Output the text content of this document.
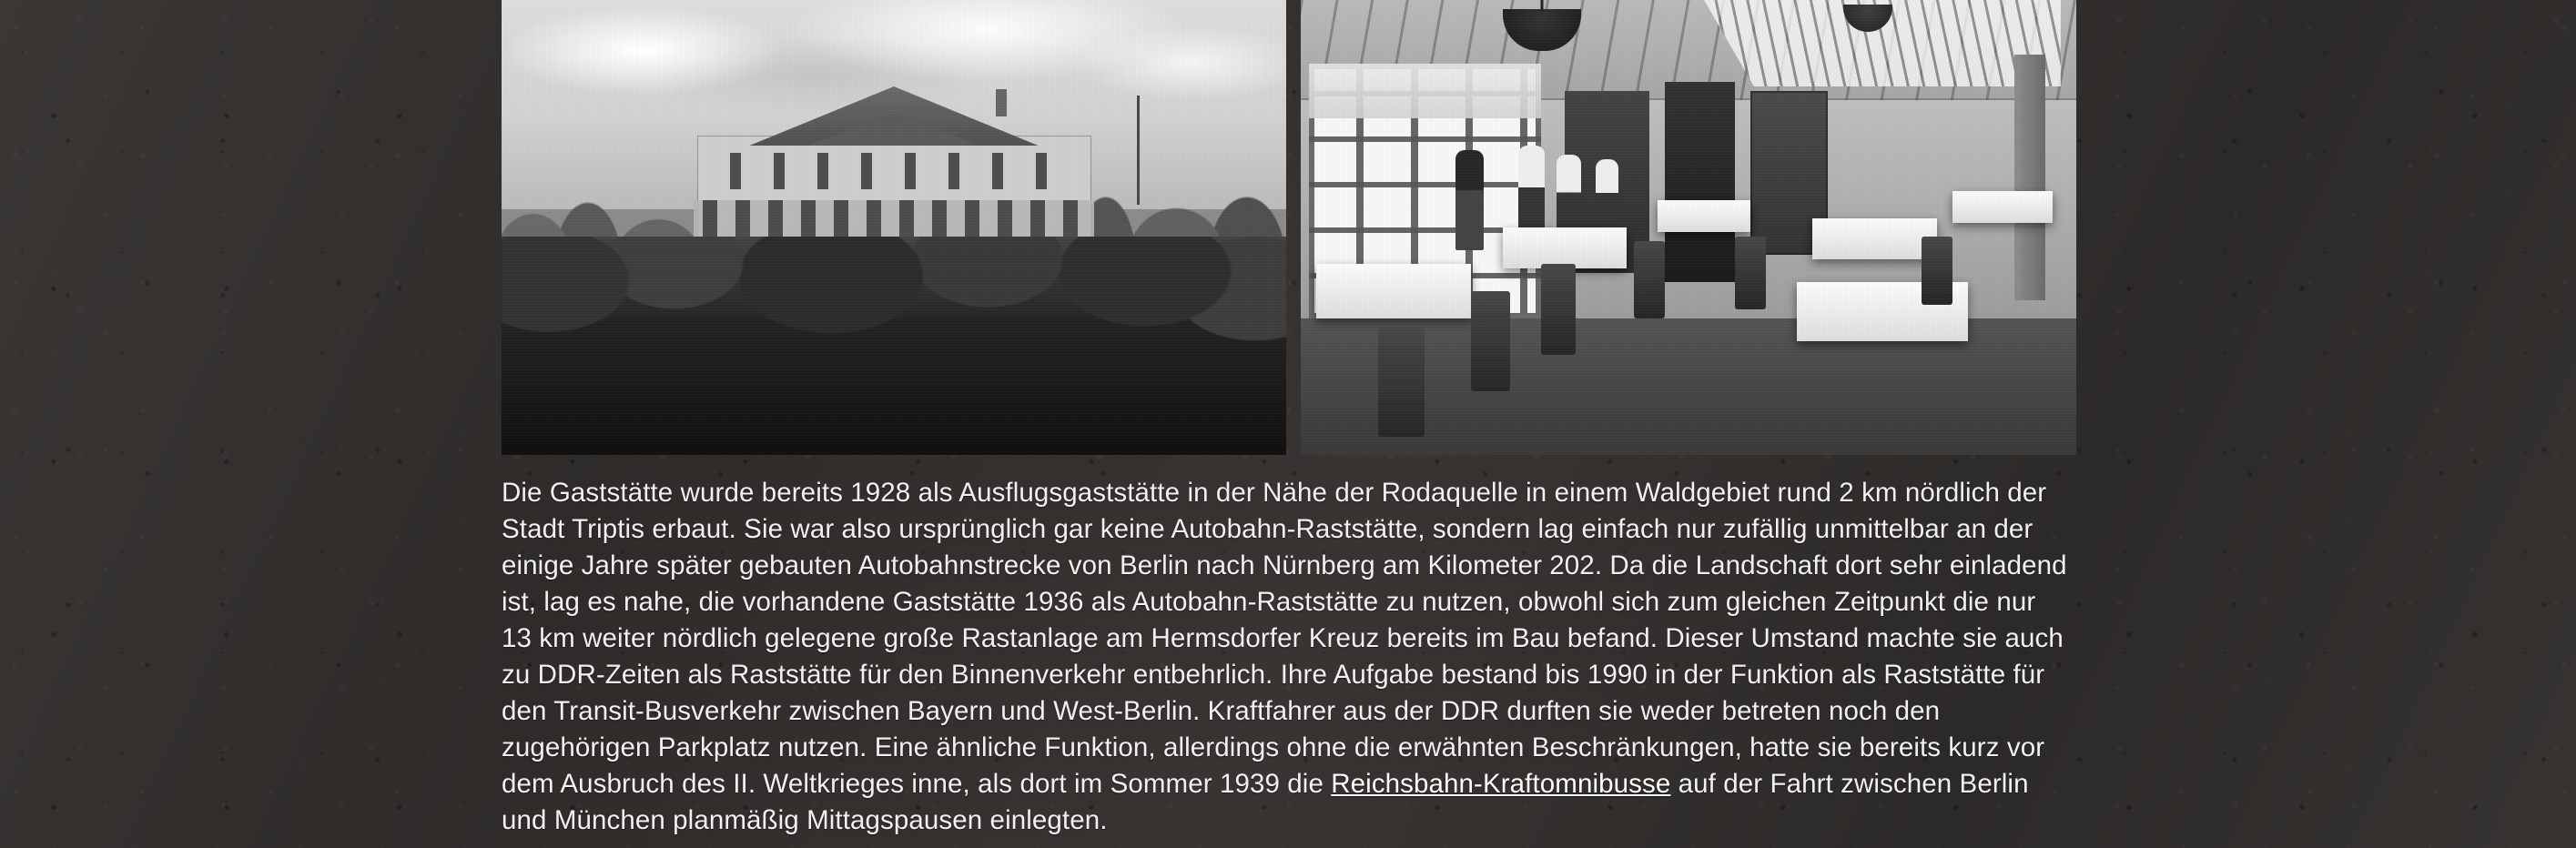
Die Gaststätte wurde bereits 1928 als Ausflugsgaststätte in der Nähe der Rodaquelle in einem Waldgebiet rund 2 km nördlich der Stadt Triptis erbaut. Sie war also ursprünglich gar keine Autobahn-Raststätte, sondern lag einfach nur zufällig unmittelbar an der einige Jahre später gebauten Autobahnstrecke von Berlin nach Nürnberg am Kilometer 202. Da die Landschaft dort sehr einladend ist, lag es nahe, die vorhandene Gaststätte 1936 als Autobahn-Raststätte zu nutzen, obwohl sich zum gleichen Zeitpunkt die nur 13 km weiter nördlich gelegene große Rastanlage am Hermsdorfer Kreuz bereits im Bau befand. Dieser Umstand machte sie auch zu DDR-Zeiten als Raststätte für den Binnenverkehr entbehrlich. Ihre Aufgabe bestand bis 1990 in der Funktion als Raststätte für den Transit-Busverkehr zwischen Bayern und West-Berlin. Kraftfahrer aus der DDR durften sie weder betreten noch den zugehörigen Parkplatz nutzen. Eine ähnliche Funktion, allerdings ohne die erwähnten Beschränkungen, hatte sie bereits kurz vor dem Ausbruch des II. Weltkrieges inne, als dort im Sommer 1939 die Reichsbahn-Kraftomnibusse auf der Fahrt zwischen Berlin und München planmäßig Mittagspausen einlegten.
